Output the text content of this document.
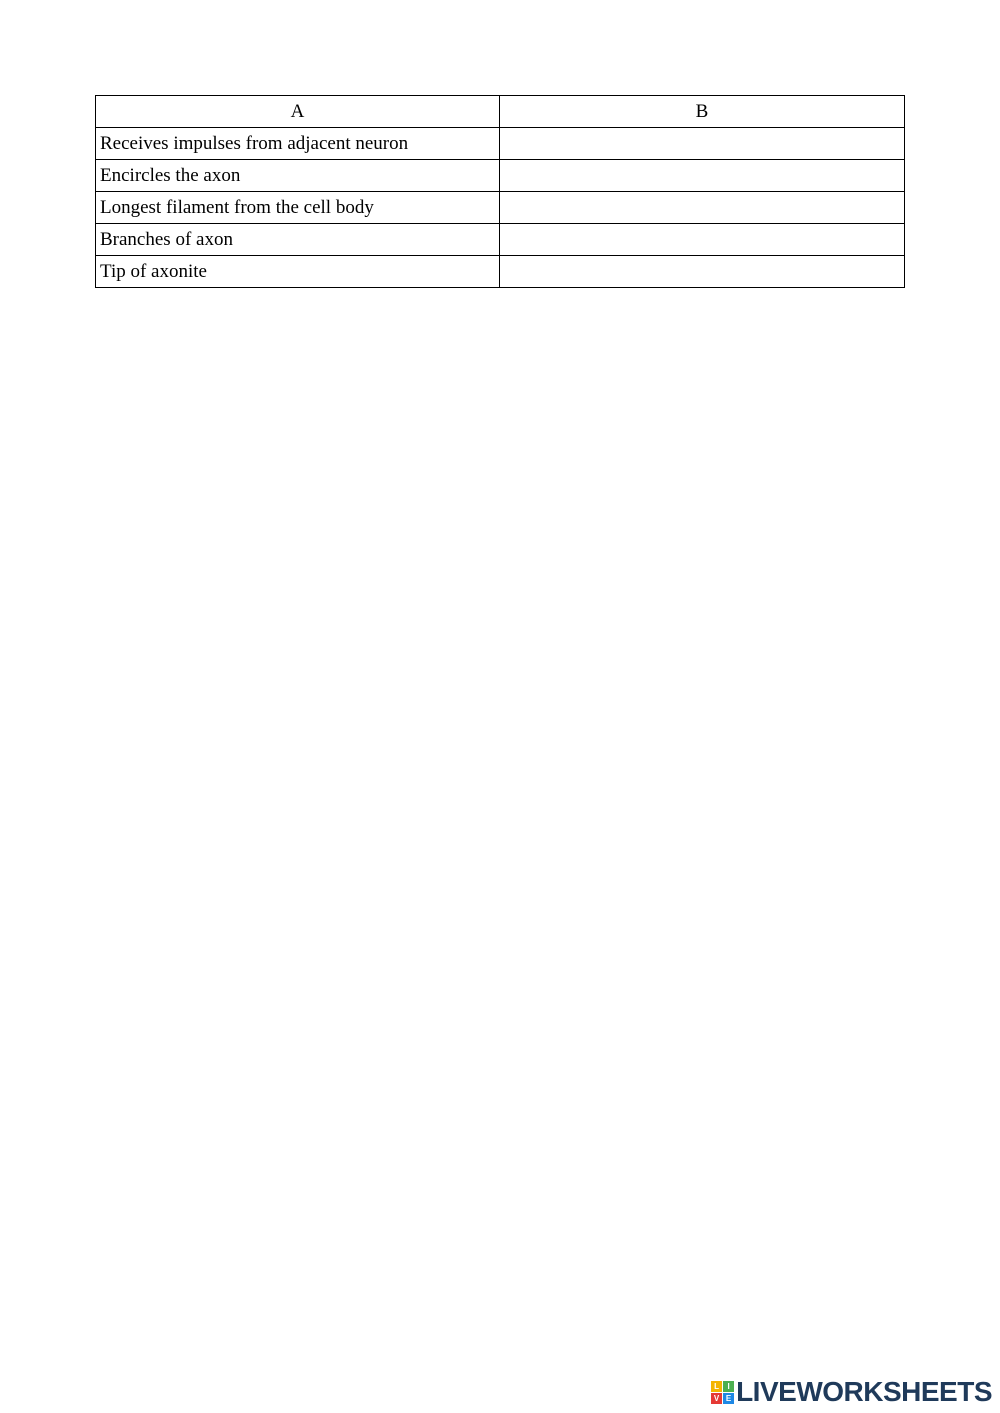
A	B
Receives impulses from adjacent neuron	
Encircles the axon	
Longest filament from the cell body	
Branches of axon	
Tip of axonite	
L	I
V E LIVEWORKSHEETS
